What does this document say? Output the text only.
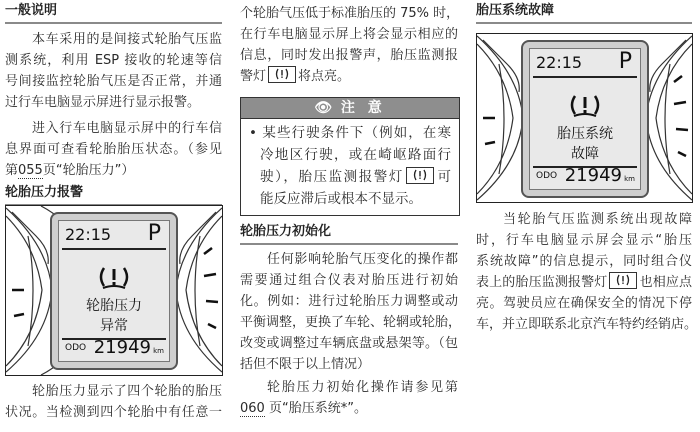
一般说明
本车采用的是间接式轮胎气压监
测系统，利用 ESP 接收的轮速等信
号间接监控轮胎气压是否正常，并通
过行车电脑显示屏进行显示报警。
进入行车电脑显示屏中的行车信
息界面可查看轮胎胎压状态。（参见
第055页“轮胎压力”）
轮胎压力报警
22:15 P
轮胎压力
异常
ODO 21949 km
轮胎压力显示了四个轮胎的胎压
状况。当检测到四个轮胎中有任意一
个轮胎气压低于标准胎压的 75% 时，
在行车电脑显示屏上将会显示相应的
信息，同时发出报警声，胎压监测报
警灯 将点亮。
👁 注 意
• 某些行驶条件下（例如，在寒
冷地区行驶，或在崎岖路面行
驶），胎压监测报警灯 可
能反应滞后或根本不显示。
轮胎压力初始化
任何影响轮胎气压变化的操作都
需要通过组合仪表对胎压进行初始
化。例如：进行过轮胎压力调整或动
平衡调整，更换了车轮、轮辋或轮胎，
改变或调整过车辆底盘或悬架等。（包
括但不限于以上情况）
轮胎压力初始化操作请参见第
060 页“胎压系统*”。
胎压系统故障
22:15 P
胎压系统
故障
ODO 21949 km
当轮胎气压监测系统出现故障
时，行车电脑显示屏会显示“胎压
系统故障”的信息提示，同时组合仪
表上的胎压监测报警灯 也相应点
亮。驾驶员应在确保安全的情况下停
车，并立即联系北京汽车特约经销店。
